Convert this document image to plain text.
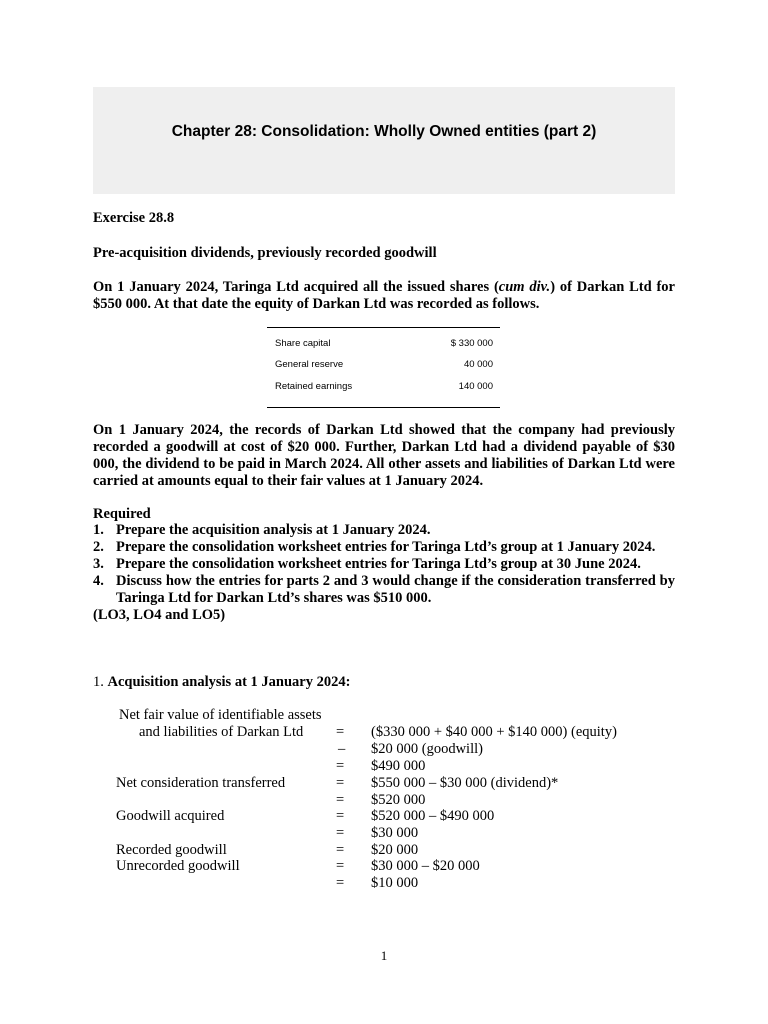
Chapter 28: Consolidation: Wholly Owned entities (part 2)
Exercise 28.8
Pre-acquisition dividends, previously recorded goodwill
On 1 January 2024, Taringa Ltd acquired all the issued shares (cum div.) of Darkan Ltd for $550 000. At that date the equity of Darkan Ltd was recorded as follows.
Share capital	$ 330 000
General reserve	40 000
Retained earnings	140 000
On 1 January 2024, the records of Darkan Ltd showed that the company had previously recorded a goodwill at cost of $20 000. Further, Darkan Ltd had a dividend payable of $30 000, the dividend to be paid in March 2024. All other assets and liabilities of Darkan Ltd were carried at amounts equal to their fair values at 1 January 2024.
Required
1. Prepare the acquisition analysis at 1 January 2024.
2. Prepare the consolidation worksheet entries for Taringa Ltd’s group at 1 January 2024.
3. Prepare the consolidation worksheet entries for Taringa Ltd’s group at 30 June 2024.
4. Discuss how the entries for parts 2 and 3 would change if the consideration transferred by Taringa Ltd for Darkan Ltd’s shares was $510 000.
(LO3, LO4 and LO5)
1. Acquisition analysis at 1 January 2024:
Net fair value of identifiable assets
and liabilities of Darkan Ltd = ($330 000 + $40 000 + $140 000) (equity)
– $20 000 (goodwill)
= $490 000
Net consideration transferred	= $550 000 – $30 000 (dividend)*
= $520 000
Goodwill acquired	= $520 000 – $490 000
= $30 000
Recorded goodwill	= $20 000
Unrecorded goodwill	= $30 000 – $20 000
= $10 000
1
